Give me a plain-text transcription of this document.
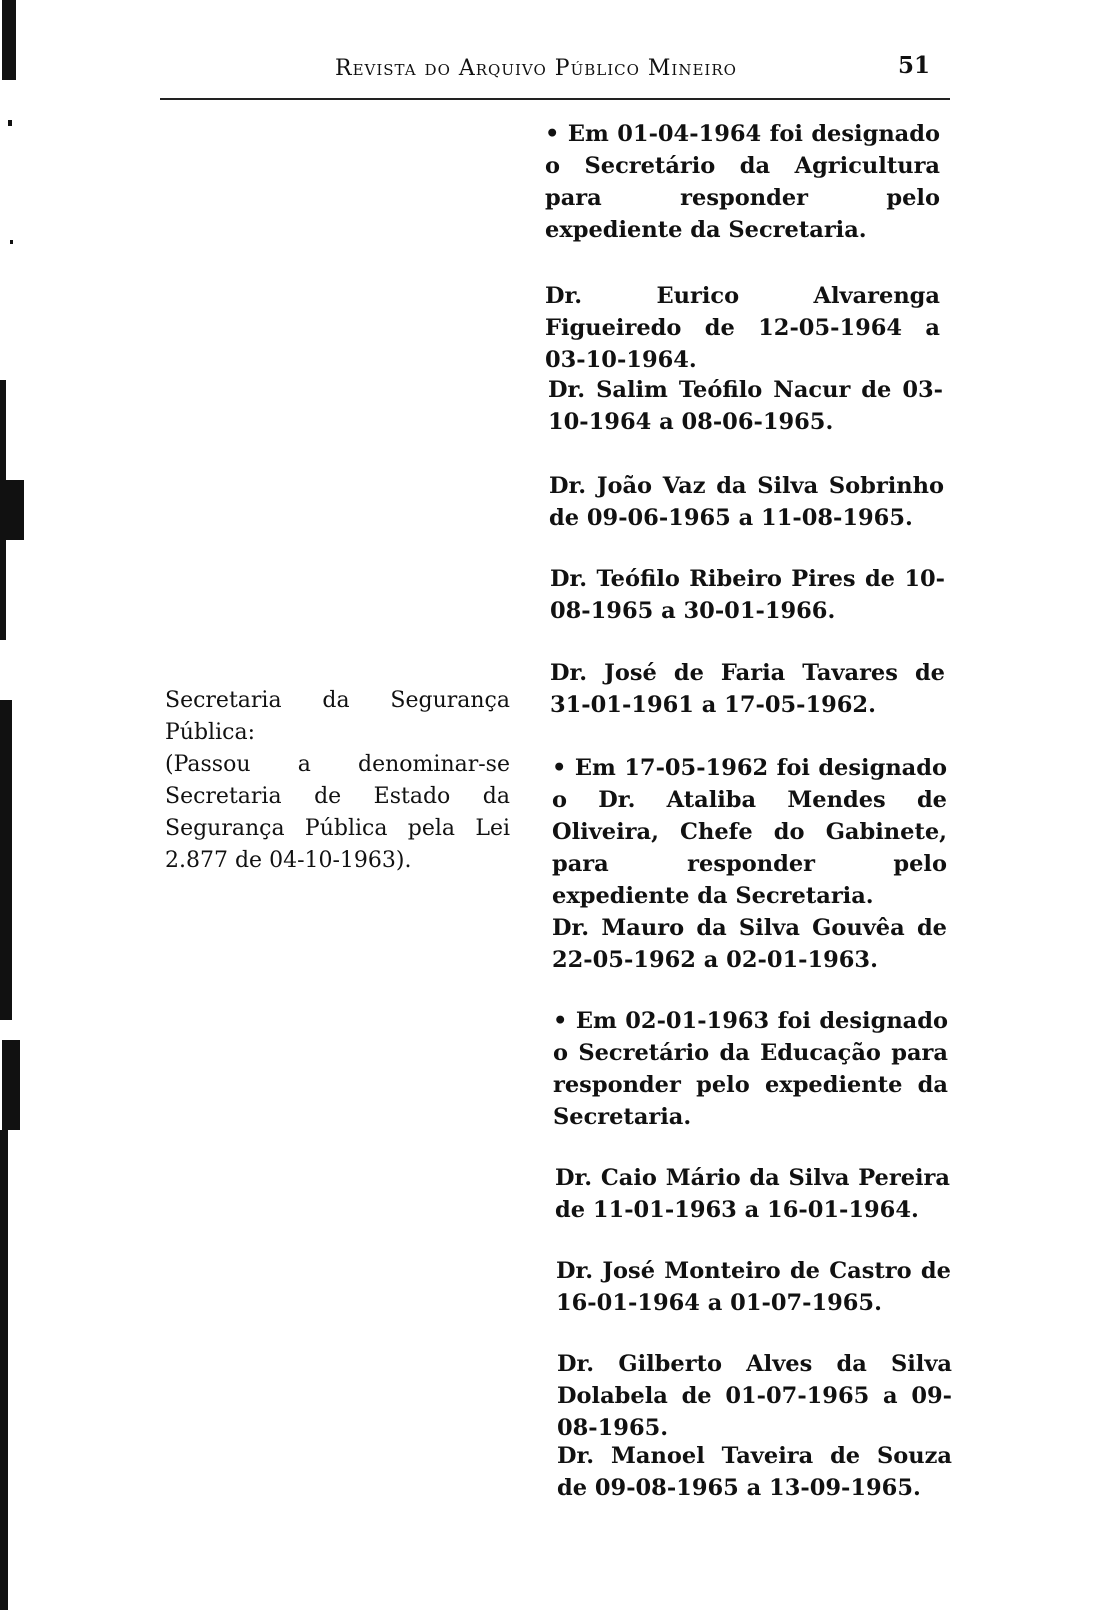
Revista do Arquivo Público Mineiro	51

Secretaria da Segurança Pública:

(Passou a denominar-se Secretaria de Estado da Segurança Pública pela Lei 2.877 de 04-10-1963).

• Em 01-04-1964 foi designado o Secretário da Agricultura para responder pelo expediente da Secretaria.

Dr. Eurico Alvarenga Figueiredo de 12-05-1964 a 03-10-1964.

Dr. Salim Teófilo Nacur de 03-10-1964 a 08-06-1965.

Dr. João Vaz da Silva Sobrinho de 09-06-1965 a 11-08-1965.

Dr. Teófilo Ribeiro Pires de 10-08-1965 a 30-01-1966.

Dr. José de Faria Tavares de 31-01-1961 a 17-05-1962.

• Em 17-05-1962 foi designado o Dr. Ataliba Mendes de Oliveira, Chefe do Gabinete, para responder pelo expediente da Secretaria.

Dr. Mauro da Silva Gouvêa de 22-05-1962 a 02-01-1963.

• Em 02-01-1963 foi designado o Secretário da Educação para responder pelo expediente da Secretaria.

Dr. Caio Mário da Silva Pereira de 11-01-1963 a 16-01-1964.

Dr. José Monteiro de Castro de 16-01-1964 a 01-07-1965.

Dr. Gilberto Alves da Silva Dolabela de 01-07-1965 a 09-08-1965.

Dr. Manoel Taveira de Souza de 09-08-1965 a 13-09-1965.
